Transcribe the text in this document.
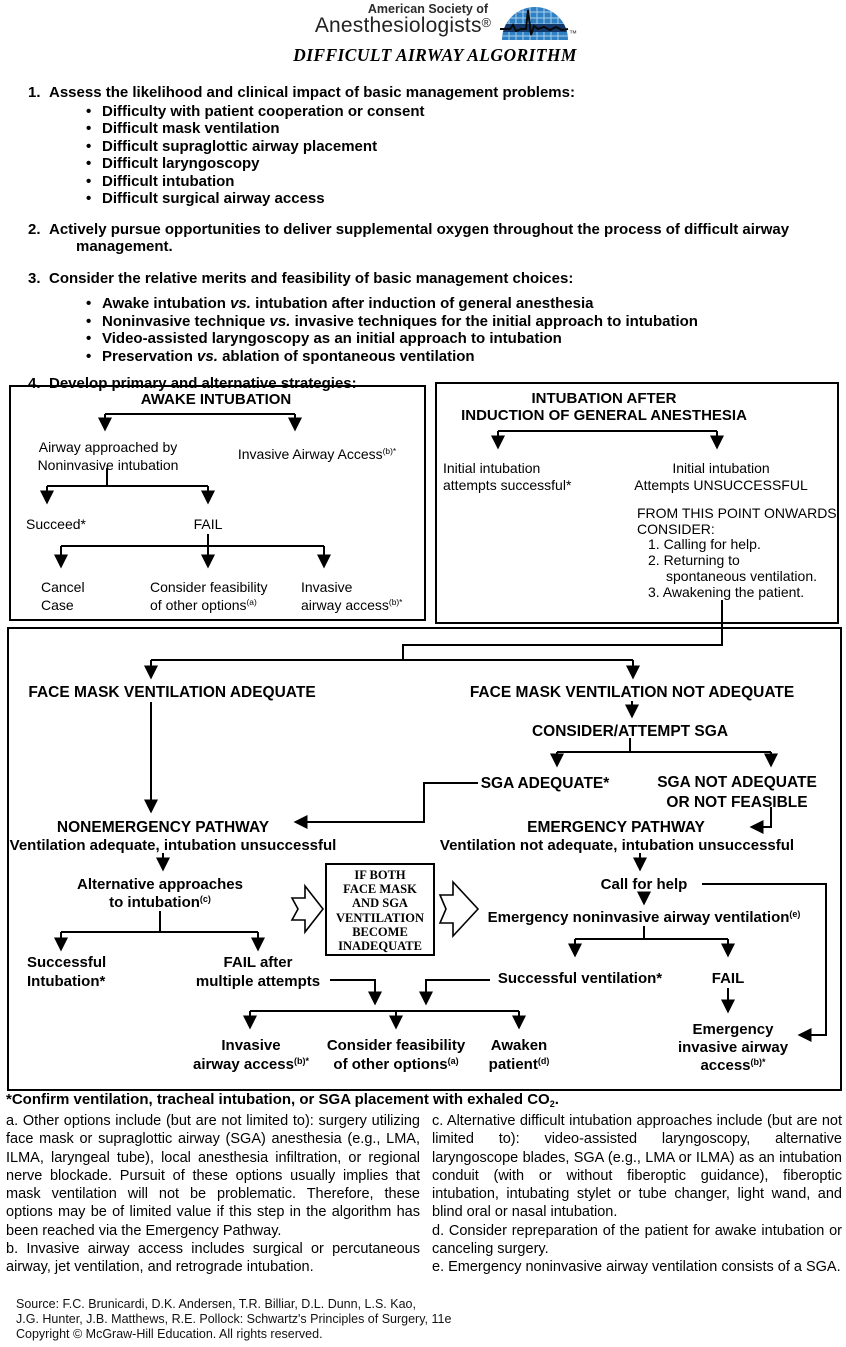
American Society of
Anesthesiologists®
™
DIFFICULT AIRWAY ALGORITHM
1. Assess the likelihood and clinical impact of basic management problems:
• Difficulty with patient cooperation or consent
• Difficult mask ventilation
• Difficult supraglottic airway placement
• Difficult laryngoscopy
• Difficult intubation
• Difficult surgical airway access
2. Actively pursue opportunities to deliver supplemental oxygen throughout the process of difficult airway
management.
3. Consider the relative merits and feasibility of basic management choices:
• Awake intubation vs. intubation after induction of general anesthesia
• Noninvasive technique vs. invasive techniques for the initial approach to intubation
• Video-assisted laryngoscopy as an initial approach to intubation
• Preservation vs. ablation of spontaneous ventilation
4. Develop primary and alternative strategies:
AWAKE INTUBATION
Airway approached by
Noninvasive intubation
Invasive Airway Access$^{(b)*}$
Succeed*	FAIL
Cancel
Case
Consider feasibility
of other options$^{(a)}$
Invasive
airway access$^{(b)*}$
INTUBATION AFTER
INDUCTION OF GENERAL ANESTHESIA
Initial intubation
attempts successful*
Initial intubation
Attempts UNSUCCESSFUL
FROM THIS POINT ONWARDS
CONSIDER:
1. Calling for help.
2. Returning to
spontaneous ventilation.
3. Awakening the patient.
FACE MASK VENTILATION ADEQUATE	FACE MASK VENTILATION NOT ADEQUATE
CONSIDER/ATTEMPT SGA
SGA ADEQUATE*	SGA NOT ADEQUATE
OR NOT FEASIBLE
NONEMERGENCY PATHWAY
Ventilation adequate, intubation unsuccessful
EMERGENCY PATHWAY
Ventilation not adequate, intubation unsuccessful
Alternative approaches
to intubation$^{(c)}$
IF BOTH
FACE MASK
AND SGA
VENTILATION
BECOME
INADEQUATE
Call for help
Emergency noninvasive airway ventilation$^{(e)}$
Successful
Intubation*
FAIL after
multiple attempts	Successful ventilation*	FAIL
Invasive
airway access$^{(b)*}$
Consider feasibility
of other options$^{(a)}$
Awaken
patient$^{(d)}$
Emergency
invasive airway
access$^{(b)*}$
*Confirm ventilation, tracheal intubation, or SGA placement with exhaled $CO_2$.

a. Other options include (but are not limited to): surgery utilizing face mask or supraglottic airway (SGA) anesthesia (e.g., LMA, ILMA, laryngeal tube), local anesthesia infiltration, or regional nerve blockade. Pursuit of these options usually implies that mask ventilation will not be problematic. Therefore, these options may be of limited value if this step in the algorithm has been reached via the Emergency Pathway.

b. Invasive airway access includes surgical or percutaneous airway, jet ventilation, and retrograde intubation.

c. Alternative difficult intubation approaches include (but are not limited to): video-assisted laryngoscopy, alternative laryngoscope blades, SGA (e.g., LMA or ILMA) as an intubation conduit (with or without fiberoptic guidance), fiberoptic intubation, intubating stylet or tube changer, light wand, and blind oral or nasal intubation.

d. Consider repreparation of the patient for awake intubation or canceling surgery.

e. Emergency noninvasive airway ventilation consists of a SGA.

Source: F.C. Brunicardi, D.K. Andersen, T.R. Billiar, D.L. Dunn, L.S. Kao,
J.G. Hunter, J.B. Matthews, R.E. Pollock: Schwartz's Principles of Surgery, 11e
Copyright © McGraw-Hill Education. All rights reserved.
